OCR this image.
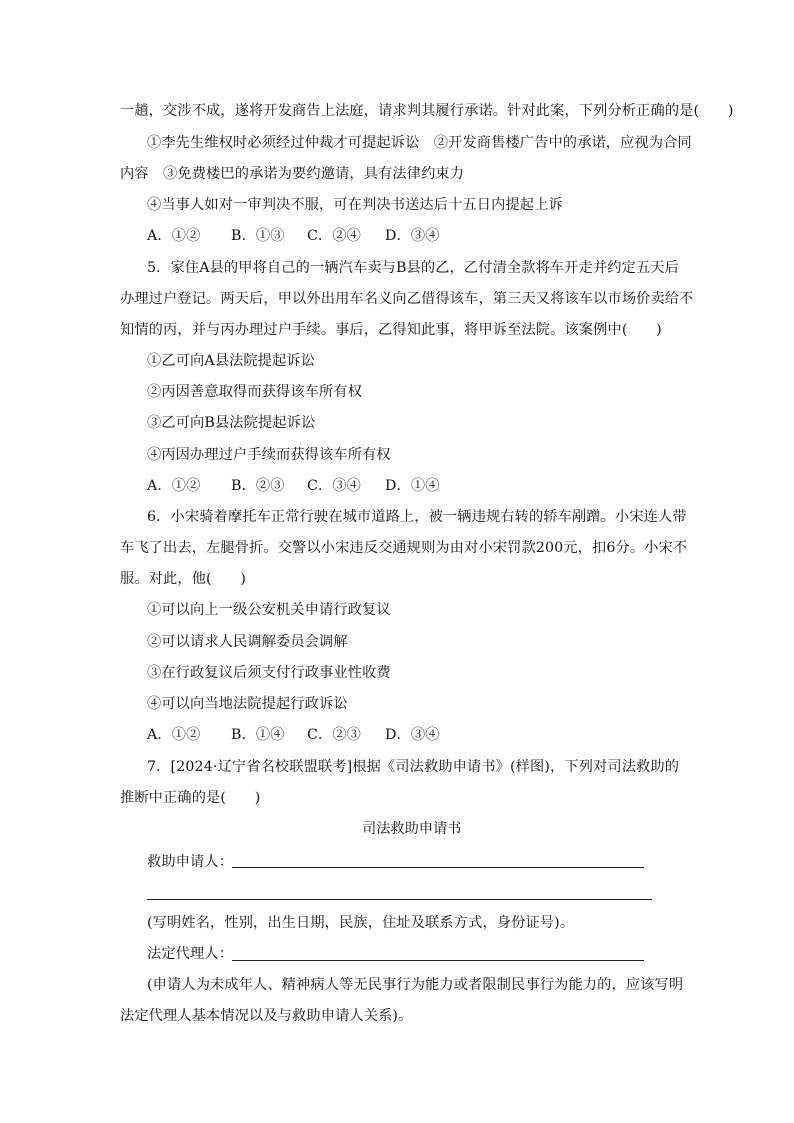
一趟，交涉不成，遂将开发商告上法庭，请求判其履行承诺。针对此案，下列分析正确的是(　　)
①李先生维权时必须经过仲裁才可提起诉讼　②开发商售楼广告中的承诺，应视为合同
内容　③免费楼巴的承诺为要约邀请，具有法律约束力
④当事人如对一审判决不服，可在判决书送达后十五日内提起上诉
A．①② B．①③ C．②④ D．③④
5．家住A县的甲将自己的一辆汽车卖与B县的乙，乙付清全款将车开走并约定五天后
办理过户登记。两天后，甲以外出用车名义向乙借得该车，第三天又将该车以市场价卖给不
知情的丙，并与丙办理过户手续。事后，乙得知此事，将甲诉至法院。该案例中(　　)
①乙可向A县法院提起诉讼
②丙因善意取得而获得该车所有权
③乙可向B县法院提起诉讼
④丙因办理过户手续而获得该车所有权
A．①② B．②③ C．③④ D．①④
6．小宋骑着摩托车正常行驶在城市道路上，被一辆违规右转的轿车剐蹭。小宋连人带
车飞了出去，左腿骨折。交警以小宋违反交通规则为由对小宋罚款200元，扣6分。小宋不
服。对此，他(　　)
①可以向上一级公安机关申请行政复议
②可以请求人民调解委员会调解
③在行政复议后须支付行政事业性收费
④可以向当地法院提起行政诉讼
A．①② B．①④ C．②③ D．③④
7．[2024·辽宁省名校联盟联考]根据《司法救助申请书》(样图)，下列对司法救助的
推断中正确的是(　　)
司法救助申请书
救助申请人：
(写明姓名，性别，出生日期，民族，住址及联系方式，身份证号)。
法定代理人：
(申请人为未成年人、精神病人等无民事行为能力或者限制民事行为能力的，应该写明
法定代理人基本情况以及与救助申请人关系)。
